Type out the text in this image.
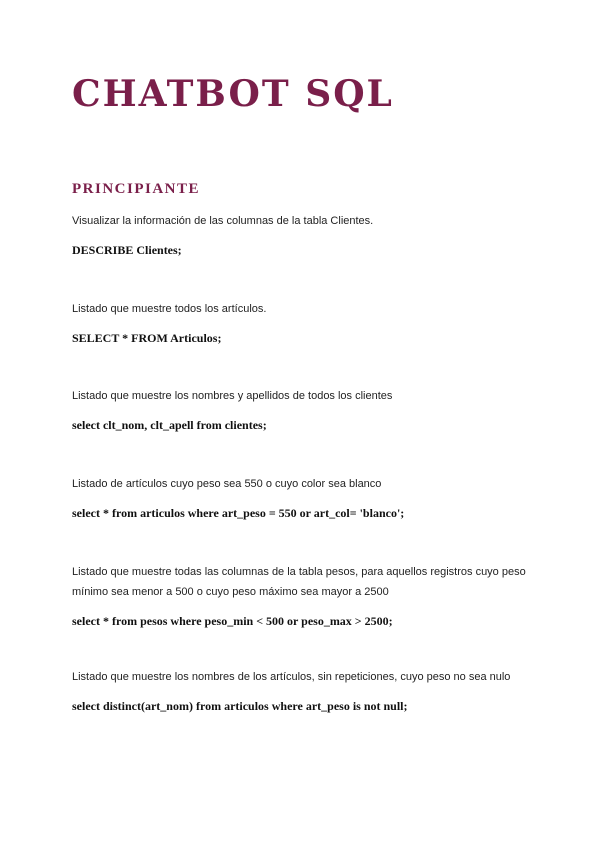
CHATBOT SQL
PRINCIPIANTE

Visualizar la información de las columnas de la tabla Clientes.

DESCRIBE Clientes;

Listado que muestre todos los artículos.

SELECT * FROM Articulos;

Listado que muestre los nombres y apellidos de todos los clientes

select clt_nom, clt_apell from clientes;

Listado de artículos cuyo peso sea 550 o cuyo color sea blanco

select * from articulos where art_peso = 550 or art_col= 'blanco';

Listado que muestre todas las columnas de la tabla pesos, para aquellos registros cuyo peso mínimo sea menor a 500 o cuyo peso máximo sea mayor a 2500

select * from pesos where peso_min < 500 or peso_max > 2500;

Listado que muestre los nombres de los artículos, sin repeticiones, cuyo peso no sea nulo

select distinct(art_nom) from articulos where art_peso is not null;
